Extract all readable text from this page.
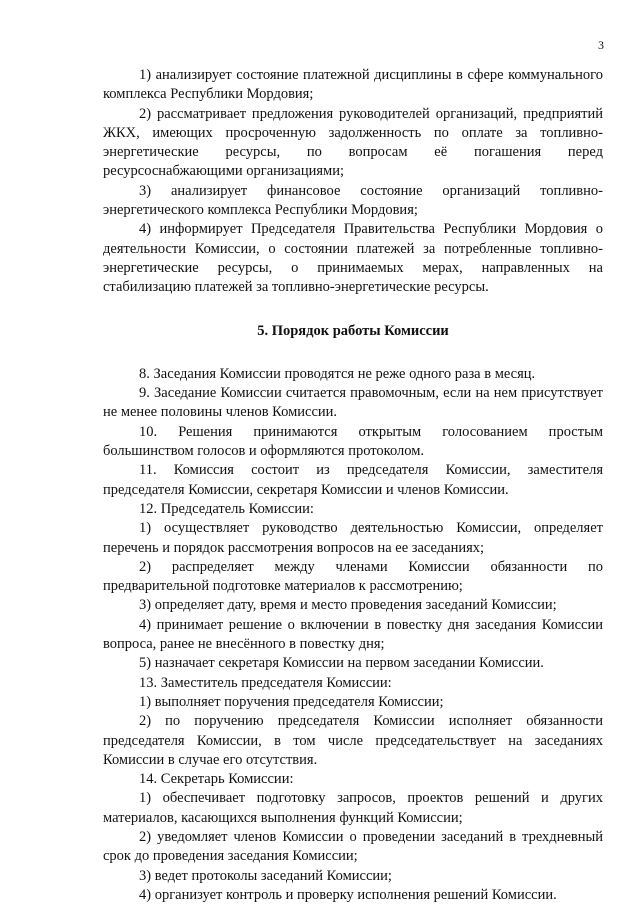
3

1) анализирует состояние платежной дисциплины в сфере коммунального комплекса Республики Мордовия;

2) рассматривает предложения руководителей организаций, предприятий ЖКХ, имеющих просроченную задолженность по оплате за топливно-энергетические ресурсы, по вопросам её погашения перед ресурсоснабжающими организациями;

3) анализирует финансовое состояние организаций топливно-энергетического комплекса Республики Мордовия;

4) информирует Председателя Правительства Республики Мордовия о деятельности Комиссии, о состоянии платежей за потребленные топливно-энергетические ресурсы, о принимаемых мерах, направленных на стабилизацию платежей за топливно-энергетические ресурсы.

5. Порядок работы Комиссии

8. Заседания Комиссии проводятся не реже одного раза в месяц.

9. Заседание Комиссии считается правомочным, если на нем присутствует не менее половины членов Комиссии.

10. Решения принимаются открытым голосованием простым большинством голосов и оформляются протоколом.

11. Комиссия состоит из председателя Комиссии, заместителя председателя Комиссии, секретаря Комиссии и членов Комиссии.

12. Председатель Комиссии:

1) осуществляет руководство деятельностью Комиссии, определяет перечень и порядок рассмотрения вопросов на ее заседаниях;

2) распределяет между членами Комиссии обязанности по предварительной подготовке материалов к рассмотрению;

3) определяет дату, время и место проведения заседаний Комиссии;

4) принимает решение о включении в повестку дня заседания Комиссии вопроса, ранее не внесённого в повестку дня;

5) назначает секретаря Комиссии на первом заседании Комиссии.

13. Заместитель председателя Комиссии:

1) выполняет поручения председателя Комиссии;

2) по поручению председателя Комиссии исполняет обязанности председателя Комиссии, в том числе председательствует на заседаниях Комиссии в случае его отсутствия.

14. Секретарь Комиссии:

1) обеспечивает подготовку запросов, проектов решений и других материалов, касающихся выполнения функций Комиссии;

2) уведомляет членов Комиссии о проведении заседаний в трехдневный срок до проведения заседания Комиссии;

3) ведет протоколы заседаний Комиссии;

4) организует контроль и проверку исполнения решений Комиссии.
